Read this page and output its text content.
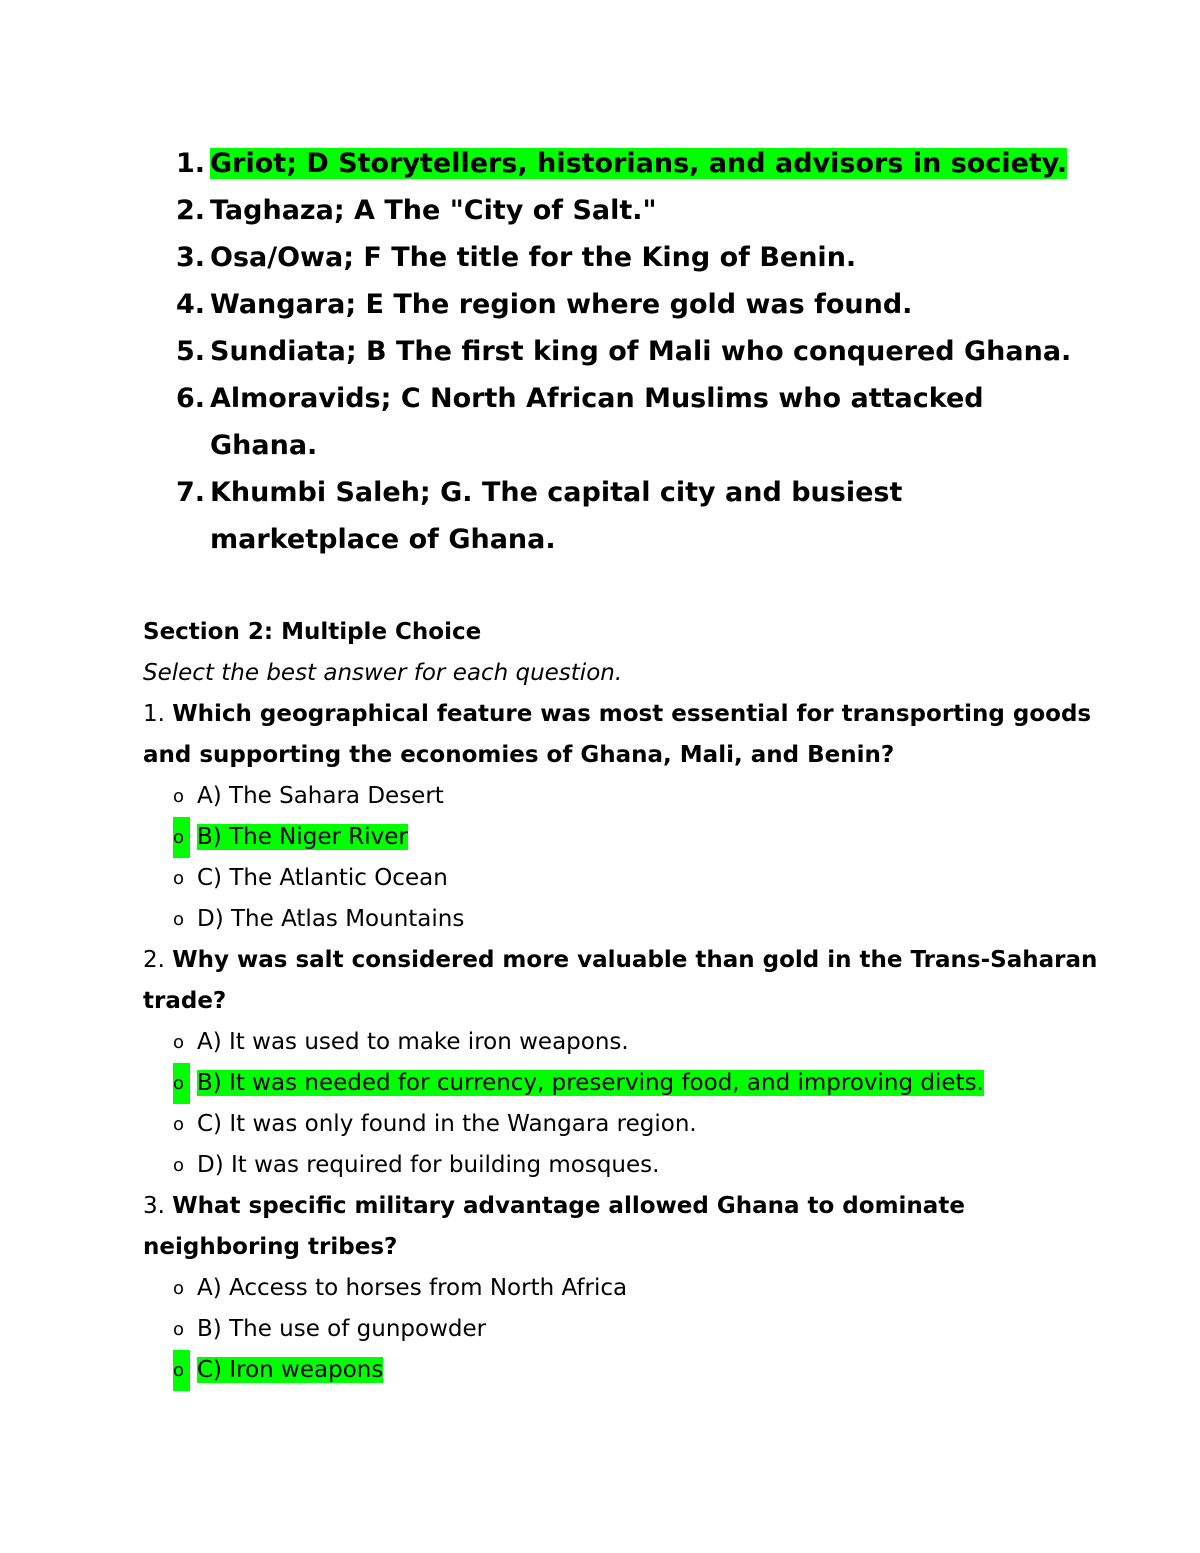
1. Griot; D Storytellers, historians, and advisors in society.
2. Taghaza; A The "City of Salt."
3. Osa/Owa; F The title for the King of Benin.
4. Wangara; E The region where gold was found.
5. Sundiata; B The first king of Mali who conquered Ghana.
6. Almoravids; C North African Muslims who attacked Ghana.
7. Khumbi Saleh; G. The capital city and busiest marketplace of Ghana.
Section 2: Multiple Choice
Select the best answer for each question.
1. Which geographical feature was most essential for transporting goods and supporting the economies of Ghana, Mali, and Benin?
o A) The Sahara Desert
o B) The Niger River
o C) The Atlantic Ocean
o D) The Atlas Mountains
2. Why was salt considered more valuable than gold in the Trans-Saharan trade?
o A) It was used to make iron weapons.
o B) It was needed for currency, preserving food, and improving diets.
o C) It was only found in the Wangara region.
o D) It was required for building mosques.
3. What specific military advantage allowed Ghana to dominate neighboring tribes?
o A) Access to horses from North Africa
o B) The use of gunpowder
o C) Iron weapons
